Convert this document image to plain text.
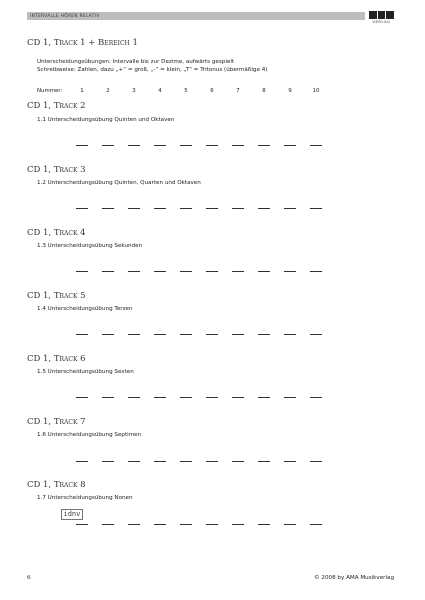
INTERVALLE HÖREN RELATIV
VERLAG
CD 1, Track 1 + Bereich 1
Unterscheidungsübungen: Intervalle bis zur Dezime, aufwärts gespielt
Schreibweise: Zahlen, dazu „+“ = groß, „-“ = klein, „T“ = Tritonus (übermäßige 4)
Nummer:	1	2	3	4	5	6	7	8	9	10
CD 1, Track 2
1.1 Unterscheidungsübung Quinten und Oktaven
CD 1, Track 3
1.2 Unterscheidungsübung Quinten, Quarten und Oktaven
CD 1, Track 4
1.3 Unterscheidungsübung Sekunden
CD 1, Track 5
1.4 Unterscheidungsübung Terzen
CD 1, Track 6
1.5 Unterscheidungsübung Sexten
CD 1, Track 7
1.6 Unterscheidungsübung Septimen
CD 1, Track 8
1.7 Unterscheidungsübung Nonen
idnv
6	© 2008 by AMA Musikverlag
